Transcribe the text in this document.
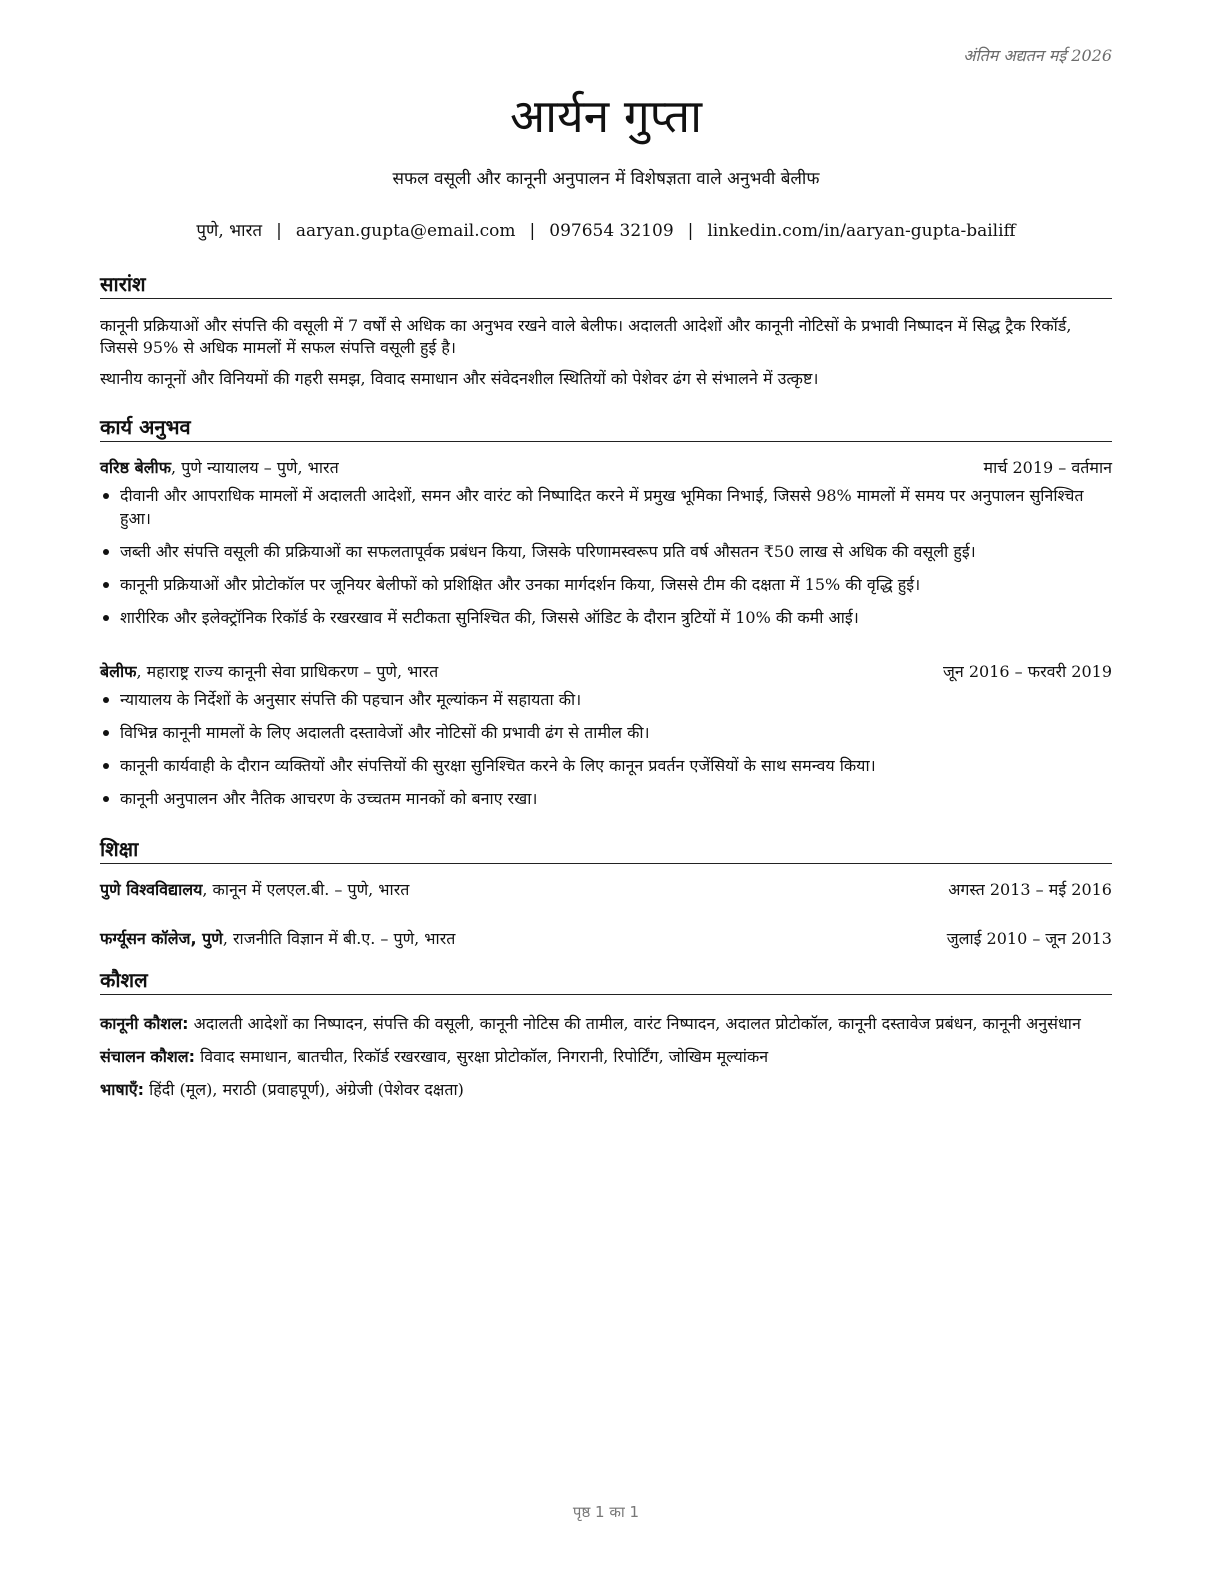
अंतिम अद्यतन मई 2026
आर्यन गुप्ता
सफल वसूली और कानूनी अनुपालन में विशेषज्ञता वाले अनुभवी बेलीफ
पुणे, भारत | aaryan.gupta@email.com | 097654 32109 | linkedin.com/in/aaryan-gupta-bailiff
सारांश

कानूनी प्रक्रियाओं और संपत्ति की वसूली में 7 वर्षों से अधिक का अनुभव रखने वाले बेलीफ। अदालती आदेशों और कानूनी नोटिसों के प्रभावी निष्पादन में सिद्ध ट्रैक रिकॉर्ड, जिससे 95% से अधिक मामलों में सफल संपत्ति वसूली हुई है।

स्थानीय कानूनों और विनियमों की गहरी समझ, विवाद समाधान और संवेदनशील स्थितियों को पेशेवर ढंग से संभालने में उत्कृष्ट।

कार्य अनुभव
वरिष्ठ बेलीफ, पुणे न्यायालय – पुणे, भारत	मार्च 2019 – वर्तमान
दीवानी और आपराधिक मामलों में अदालती आदेशों, समन और वारंट को निष्पादित करने में प्रमुख भूमिका निभाई, जिससे 98% मामलों में समय पर अनुपालन सुनिश्चित हुआ।
जब्ती और संपत्ति वसूली की प्रक्रियाओं का सफलतापूर्वक प्रबंधन किया, जिसके परिणामस्वरूप प्रति वर्ष औसतन ₹50 लाख से अधिक की वसूली हुई।
कानूनी प्रक्रियाओं और प्रोटोकॉल पर जूनियर बेलीफों को प्रशिक्षित और उनका मार्गदर्शन किया, जिससे टीम की दक्षता में 15% की वृद्धि हुई।
शारीरिक और इलेक्ट्रॉनिक रिकॉर्ड के रखरखाव में सटीकता सुनिश्चित की, जिससे ऑडिट के दौरान त्रुटियों में 10% की कमी आई।
बेलीफ, महाराष्ट्र राज्य कानूनी सेवा प्राधिकरण – पुणे, भारत	जून 2016 – फरवरी 2019
न्यायालय के निर्देशों के अनुसार संपत्ति की पहचान और मूल्यांकन में सहायता की।
विभिन्न कानूनी मामलों के लिए अदालती दस्तावेजों और नोटिसों की प्रभावी ढंग से तामील की।
कानूनी कार्यवाही के दौरान व्यक्तियों और संपत्तियों की सुरक्षा सुनिश्चित करने के लिए कानून प्रवर्तन एजेंसियों के साथ समन्वय किया।
कानूनी अनुपालन और नैतिक आचरण के उच्चतम मानकों को बनाए रखा।
शिक्षा
पुणे विश्वविद्यालय, कानून में एलएल.बी. – पुणे, भारत	अगस्त 2013 – मई 2016
फर्ग्यूसन कॉलेज, पुणे, राजनीति विज्ञान में बी.ए. – पुणे, भारत	जुलाई 2010 – जून 2013
कौशल
कानूनी कौशल: अदालती आदेशों का निष्पादन, संपत्ति की वसूली, कानूनी नोटिस की तामील, वारंट निष्पादन, अदालत प्रोटोकॉल, कानूनी दस्तावेज प्रबंधन, कानूनी अनुसंधान
संचालन कौशल: विवाद समाधान, बातचीत, रिकॉर्ड रखरखाव, सुरक्षा प्रोटोकॉल, निगरानी, रिपोर्टिंग, जोखिम मूल्यांकन
भाषाएँ: हिंदी (मूल), मराठी (प्रवाहपूर्ण), अंग्रेजी (पेशेवर दक्षता)
पृष्ठ 1 का 1
